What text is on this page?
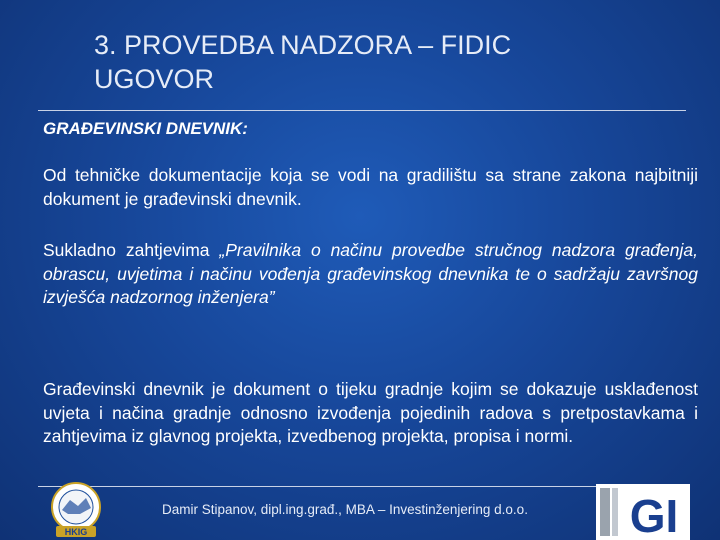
3. PROVEDBA NADZORA – FIDIC
UGOVOR

GRAĐEVINSKI DNEVNIK:

Od tehničke dokumentacije koja se vodi na gradilištu sa strane zakona najbitniji dokument je građevinski dnevnik.

Sukladno zahtjevima „Pravilnika o načinu provedbe stručnog nadzora građenja, obrascu, uvjetima i načinu vođenja građevinskog dnevnika te o sadržaju završnog izvješća nadzornog inženjera”

Građevinski dnevnik je dokument o tijeku gradnje kojim se dokazuje usklađenost uvjeta i načina gradnje odnosno izvođenja pojedinih radova s pretpostavkama i zahtjevima iz glavnog projekta, izvedbenog projekta, propisa i normi.

HKIG

Damir Stipanov, dipl.ing.građ., MBA – Investinženjering d.o.o. GI
